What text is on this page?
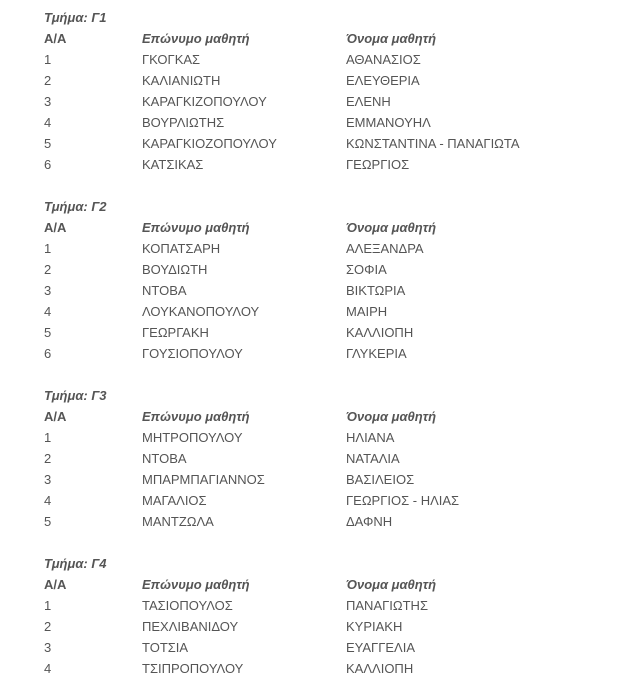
Τμήμα: Γ1
Α/Α	Επώνυμο μαθητή	Όνομα μαθητή
1	ΓΚΟΓΚΑΣ	ΑΘΑΝΑΣΙΟΣ
2	ΚΑΛΙΑΝΙΩΤΗ	ΕΛΕΥΘΕΡΙΑ
3	ΚΑΡΑΓΚΙΖΟΠΟΥΛΟΥ	ΕΛΕΝΗ
4	ΒΟΥΡΛΙΩΤΗΣ	ΕΜΜΑΝΟΥΗΛ
5	ΚΑΡΑΓΚΙΟΖΟΠΟΥΛΟΥ	ΚΩΝΣΤΑΝΤΙΝΑ - ΠΑΝΑΓΙΩΤΑ
6	ΚΑΤΣΙΚΑΣ	ΓΕΩΡΓΙΟΣ
Τμήμα: Γ2
Α/Α	Επώνυμο μαθητή	Όνομα μαθητή
1	ΚΟΠΑΤΣΑΡΗ	ΑΛΕΞΑΝΔΡΑ
2	ΒΟΥΔΙΩΤΗ	ΣΟΦΙΑ
3	ΝΤΟΒΑ	ΒΙΚΤΩΡΙΑ
4	ΛΟΥΚΑΝΟΠΟΥΛΟΥ	ΜΑΙΡΗ
5	ΓΕΩΡΓΑΚΗ	ΚΑΛΛΙΟΠΗ
6	ΓΟΥΣΙΟΠΟΥΛΟΥ	ΓΛΥΚΕΡΙΑ
Τμήμα: Γ3
Α/Α	Επώνυμο μαθητή	Όνομα μαθητή
1	ΜΗΤΡΟΠΟΥΛΟΥ	ΗΛΙΑΝΑ
2	ΝΤΟΒΑ	ΝΑΤΑΛΙΑ
3	ΜΠΑΡΜΠΑΓΙΑΝΝΟΣ	ΒΑΣΙΛΕΙΟΣ
4	ΜΑΓΑΛΙΟΣ	ΓΕΩΡΓΙΟΣ - ΗΛΙΑΣ
5	ΜΑΝΤΖΩΛΑ	ΔΑΦΝΗ
Τμήμα: Γ4
Α/Α	Επώνυμο μαθητή	Όνομα μαθητή
1	ΤΑΣΙΟΠΟΥΛΟΣ	ΠΑΝΑΓΙΩΤΗΣ
2	ΠΕΧΛΙΒΑΝΙΔΟΥ	ΚΥΡΙΑΚΗ
3	ΤΟΤΣΙΑ	ΕΥΑΓΓΕΛΙΑ
4	ΤΣΙΠΡΟΠΟΥΛΟΥ	ΚΑΛΛΙΟΠΗ
